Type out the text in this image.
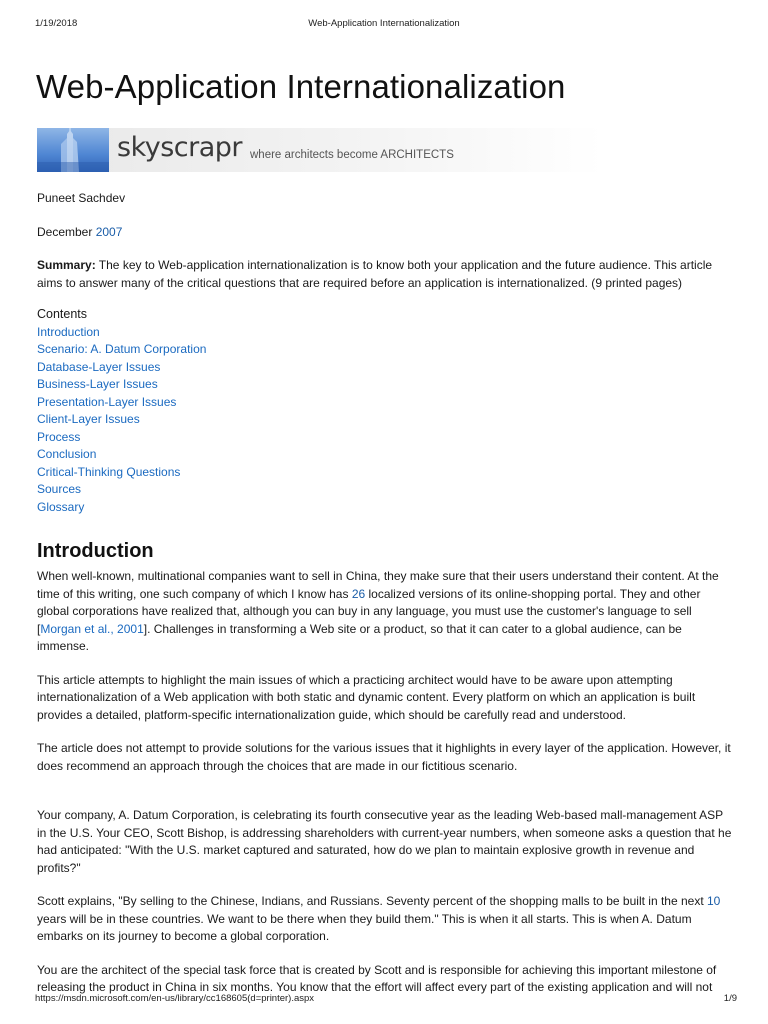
1/19/2018	Web-Application Internationalization
Web-Application Internationalization
skyscrapr where architects become ARCHITECTS

Puneet Sachdev

December 2007

Summary: The key to Web-application internationalization is to know both your application and the future audience. This article aims to answer many of the critical questions that are required before an application is internationalized. (9 printed pages)

Contents

Introduction
Scenario: A. Datum Corporation
Database-Layer Issues
Business-Layer Issues
Presentation-Layer Issues
Client-Layer Issues
Process
Conclusion
Critical-Thinking Questions
Sources
Glossary
Introduction

When well-known, multinational companies want to sell in China, they make sure that their users understand their content. At the time of this writing, one such company of which I know has 26 localized versions of its online-shopping portal. They and other global corporations have realized that, although you can buy in any language, you must use the customer's language to sell [Morgan et al., 2001]. Challenges in transforming a Web site or a product, so that it can cater to a global audience, can be immense.

This article attempts to highlight the main issues of which a practicing architect would have to be aware upon attempting internationalization of a Web application with both static and dynamic content. Every platform on which an application is built provides a detailed, platform-specific internationalization guide, which should be carefully read and understood.

The article does not attempt to provide solutions for the various issues that it highlights in every layer of the application. However, it does recommend an approach through the choices that are made in our fictitious scenario.

Your company, A. Datum Corporation, is celebrating its fourth consecutive year as the leading Web-based mall-management ASP in the U.S. Your CEO, Scott Bishop, is addressing shareholders with current-year numbers, when someone asks a question that he had anticipated: "With the U.S. market captured and saturated, how do we plan to maintain explosive growth in revenue and profits?"

Scott explains, "By selling to the Chinese, Indians, and Russians. Seventy percent of the shopping malls to be built in the next 10 years will be in these countries. We want to be there when they build them." This is when it all starts. This is when A. Datum embarks on its journey to become a global corporation.

You are the architect of the special task force that is created by Scott and is responsible for achieving this important milestone of releasing the product in China in six months. You know that the effort will affect every part of the existing application and will not

https://msdn.microsoft.com/en-us/library/cc168605(d=printer).aspx	1/9
